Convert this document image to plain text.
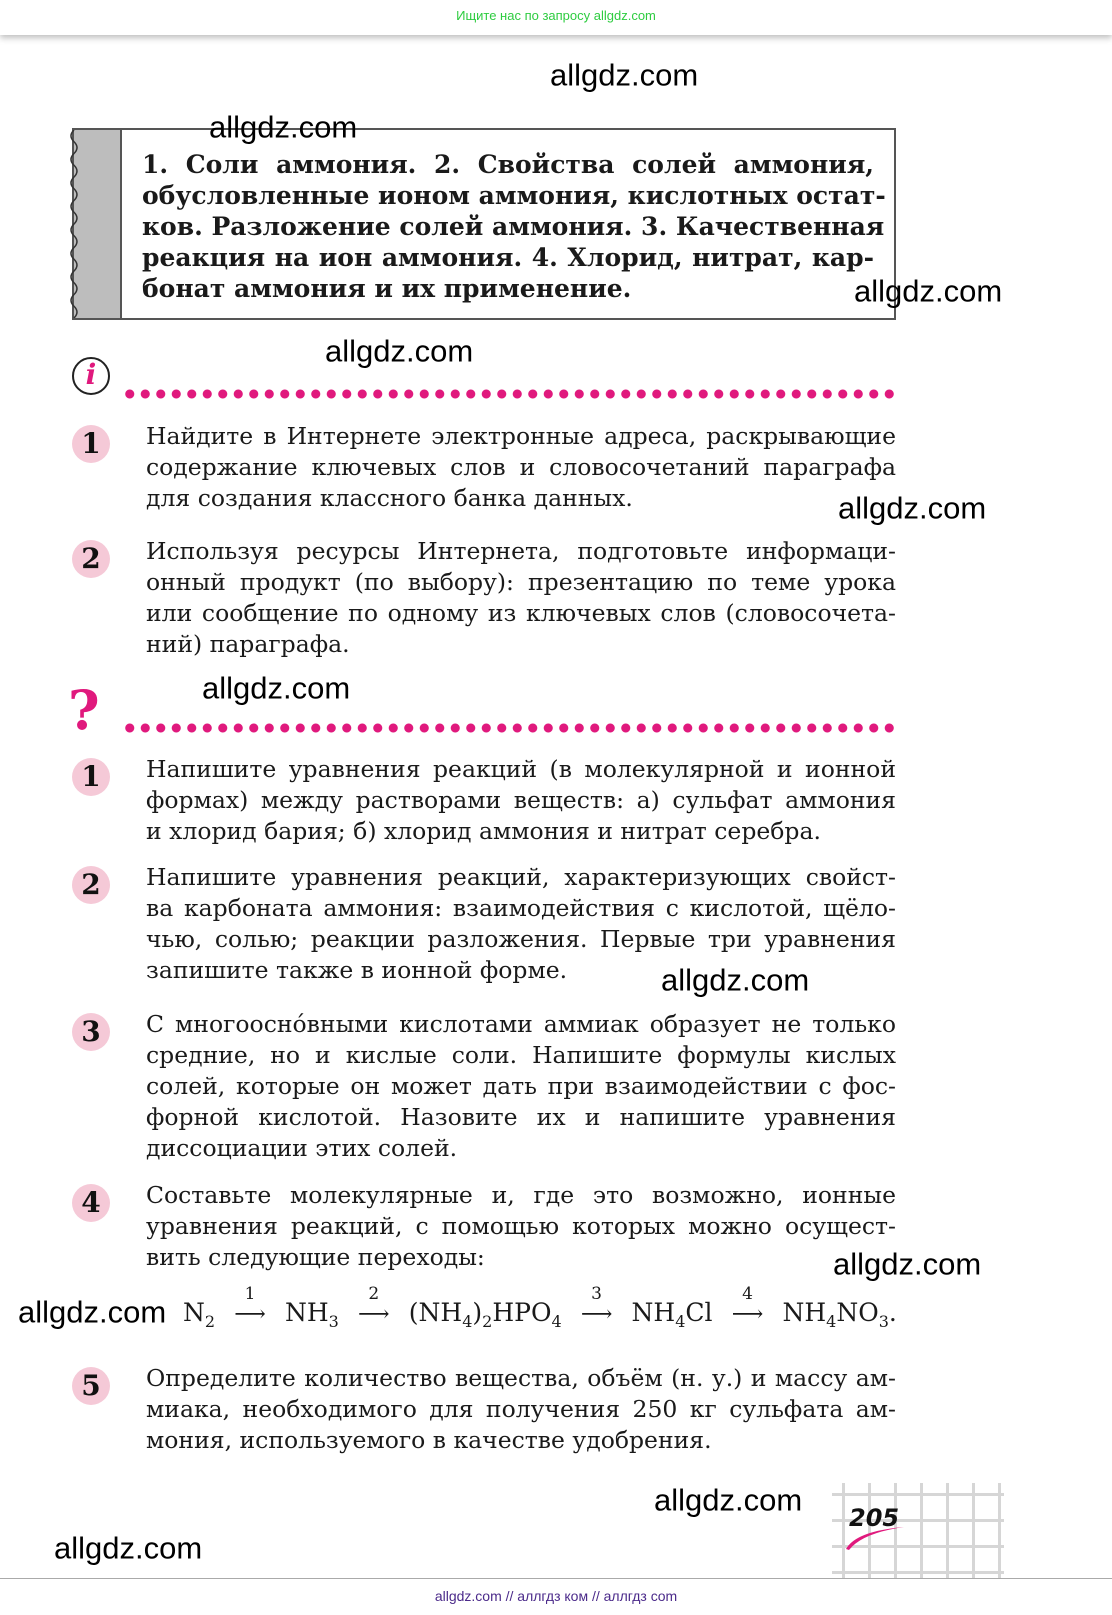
Ищите нас по запросу allgdz.com
allgdz.com
allgdz.com
allgdz.com
allgdz.com
allgdz.com
allgdz.com
allgdz.com
allgdz.com
allgdz.com
allgdz.com
allgdz.com
1. Соли аммония. 2. Свойства солей аммония,
обусловленные ионом аммония, кислотных остат-
ков. Разложение солей аммония. 3. Качественная
реакция на ион аммония. 4. Хлорид, нитрат, кар-
бонат аммония и их применение.
i
1	Найдите в Интернете электронные адреса, раскрывающие
содержание ключевых слов и словосочетаний параграфа
для создания классного банка данных.
2	Используя ресурсы Интернета, подготовьте информаци-
онный продукт (по выбору): презентацию по теме урока
или сообщение по одному из ключевых слов (словосочета-
ний) параграфа.
?
1	Напишите уравнения реакций (в молекулярной и ионной
формах) между растворами веществ: а) сульфат аммония
и хлорид бария; б) хлорид аммония и нитрат серебра.
2	Напишите уравнения реакций, характеризующих свойст-
ва карбоната аммония: взаимодействия с кислотой, щёло-
чью, солью; реакции разложения. Первые три уравнения
запишите также в ионной форме.
3	С многоосно́вными кислотами аммиак образует не только
средние, но и кислые соли. Напишите формулы кислых
солей, которые он может дать при взаимодействии с фос-
форной кислотой. Назовите их и напишите уравнения
диссоциации этих солей.
4	Составьте молекулярные и, где это возможно, ионные
уравнения реакций, с помощью которых можно осущест-
вить следующие переходы:
$N_2$
1
⟶ $NH_3$
2
⟶ $(NH_4)_2HPO_4$
3
⟶ $NH_4Cl$
4
⟶ $NH_4NO_3$.
5	Определите количество вещества, объём (н. у.) и массу ам-
миака, необходимого для получения 250 кг сульфата ам-
мония, используемого в качестве удобрения.
205
allgdz.com // аллгдз ком // аллгдз com
